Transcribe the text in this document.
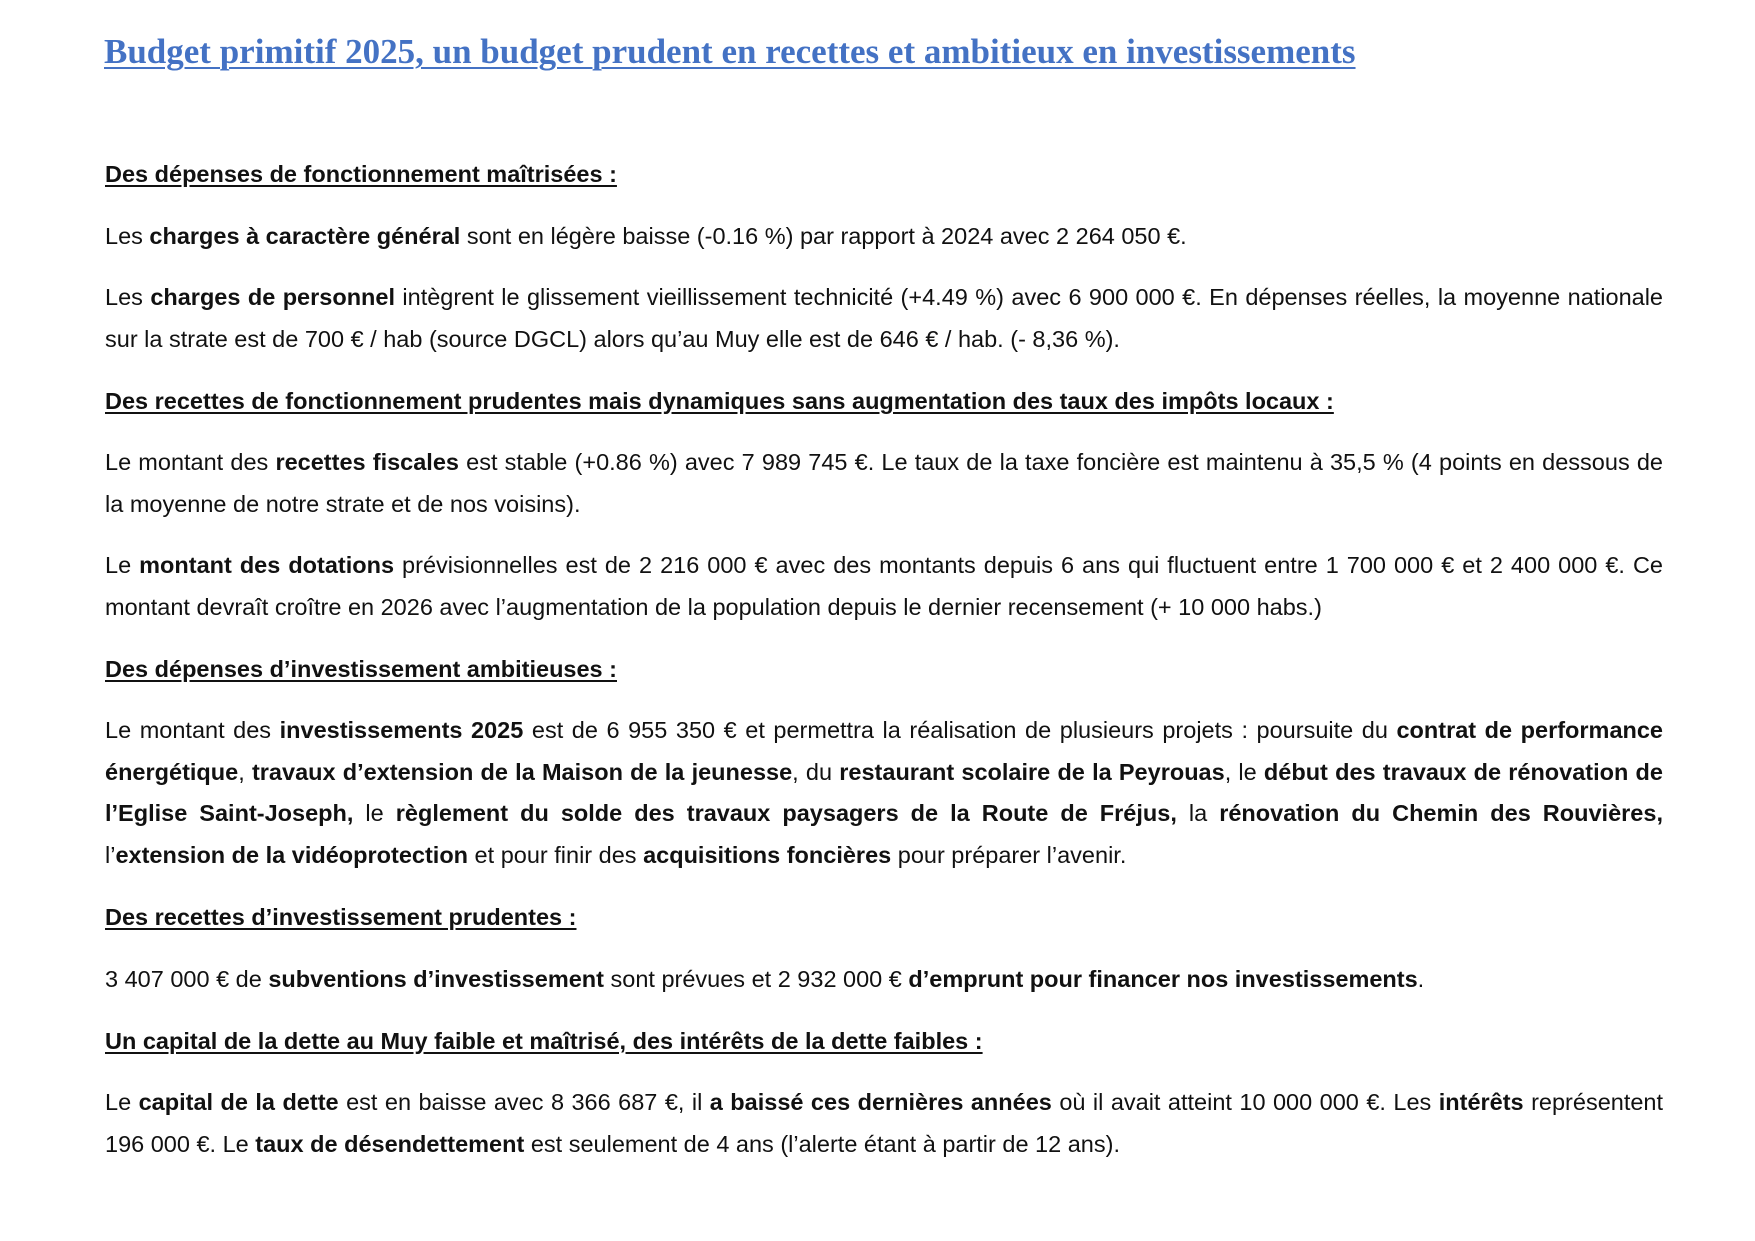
Budget primitif 2025, un budget prudent en recettes et ambitieux en investissements
Des dépenses de fonctionnement maîtrisées :

Les charges à caractère général sont en légère baisse (-0.16 %) par rapport à 2024 avec 2 264 050 €.

Les charges de personnel intègrent le glissement vieillissement technicité (+4.49 %) avec 6 900 000 €. En dépenses réelles, la moyenne nationale sur la strate est de 700 € / hab (source DGCL) alors qu’au Muy elle est de 646 € / hab. (- 8,36 %).

Des recettes de fonctionnement prudentes mais dynamiques sans augmentation des taux des impôts locaux :

Le montant des recettes fiscales est stable (+0.86 %) avec 7 989 745 €. Le taux de la taxe foncière est maintenu à 35,5 % (4 points en dessous de la moyenne de notre strate et de nos voisins).

Le montant des dotations prévisionnelles est de 2 216 000 € avec des montants depuis 6 ans qui fluctuent entre 1 700 000 € et 2 400 000 €. Ce montant devraît croître en 2026 avec l’augmentation de la population depuis le dernier recensement (+ 10 000 habs.)

Des dépenses d’investissement ambitieuses :

Le montant des investissements 2025 est de 6 955 350 € et permettra la réalisation de plusieurs projets : poursuite du contrat de performance énergétique, travaux d’extension de la Maison de la jeunesse, du restaurant scolaire de la Peyrouas, le début des travaux de rénovation de l’Eglise Saint-Joseph, le règlement du solde des travaux paysagers de la Route de Fréjus, la rénovation du Chemin des Rouvières, l’extension de la vidéoprotection et pour finir des acquisitions foncières pour préparer l’avenir.

Des recettes d’investissement prudentes :

3 407 000 € de subventions d’investissement sont prévues et 2 932 000 € d’emprunt pour financer nos investissements.

Un capital de la dette au Muy faible et maîtrisé, des intérêts de la dette faibles :

Le capital de la dette est en baisse avec 8 366 687 €, il a baissé ces dernières années où il avait atteint 10 000 000 €. Les intérêts représentent 196 000 €. Le taux de désendettement est seulement de 4 ans (l’alerte étant à partir de 12 ans).
